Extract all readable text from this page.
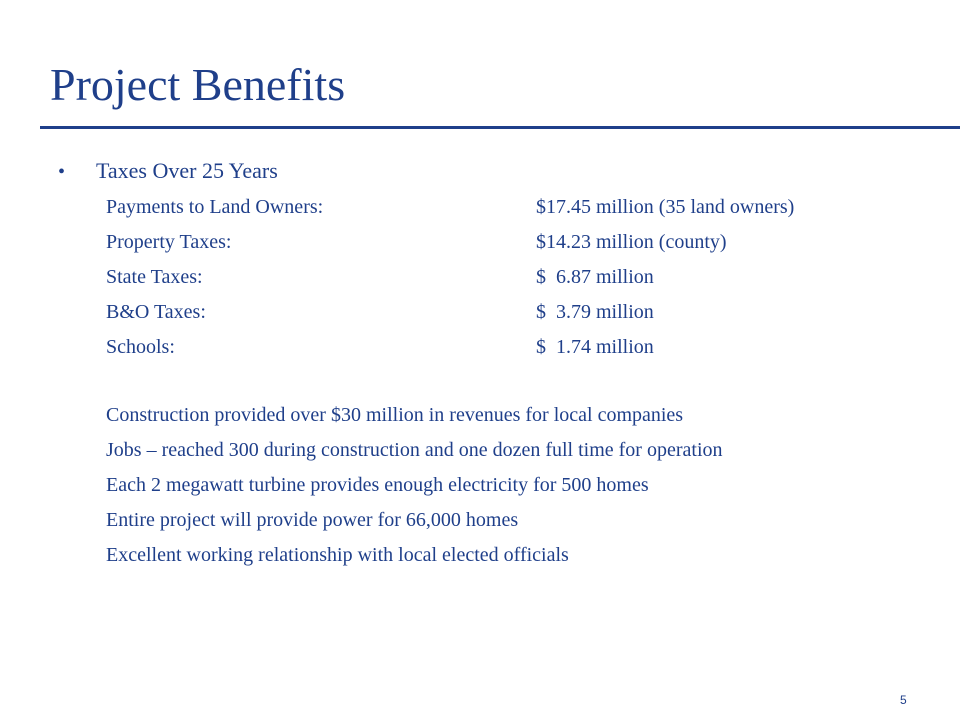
Project Benefits
• Taxes Over 25 Years
Payments to Land Owners:	$17.45 million (35 land owners)
Property Taxes:	$14.23 million (county)
State Taxes:	$  6.87 million
B&O Taxes:	$  3.79 million
Schools:	$  1.74 million
Construction provided over $30 million in revenues for local companies
Jobs – reached 300 during construction and one dozen full time for operation
Each 2 megawatt turbine provides enough electricity for 500 homes
Entire project will provide power for 66,000 homes
Excellent working relationship with local elected officials
5
